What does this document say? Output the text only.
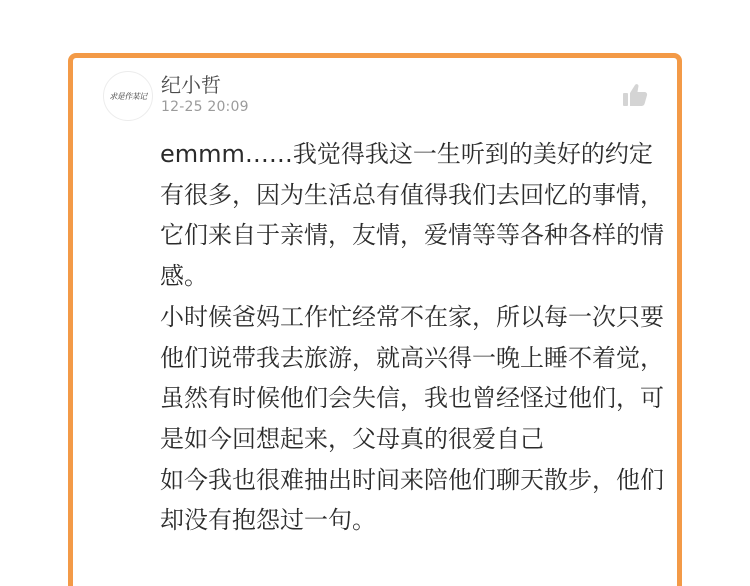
求是作某记 纪小哲
12-25 20:09

emmm……我觉得我这一生听到的美好的约定有很多，因为生活总有值得我们去回忆的事情，它们来自于亲情，友情，爱情等等各种各样的情感。

小时候爸妈工作忙经常不在家，所以每一次只要他们说带我去旅游，就高兴得一晚上睡不着觉，虽然有时候他们会失信，我也曾经怪过他们，可是如今回想起来，父母真的很爱自己

如今我也很难抽出时间来陪他们聊天散步，他们却没有抱怨过一句。
